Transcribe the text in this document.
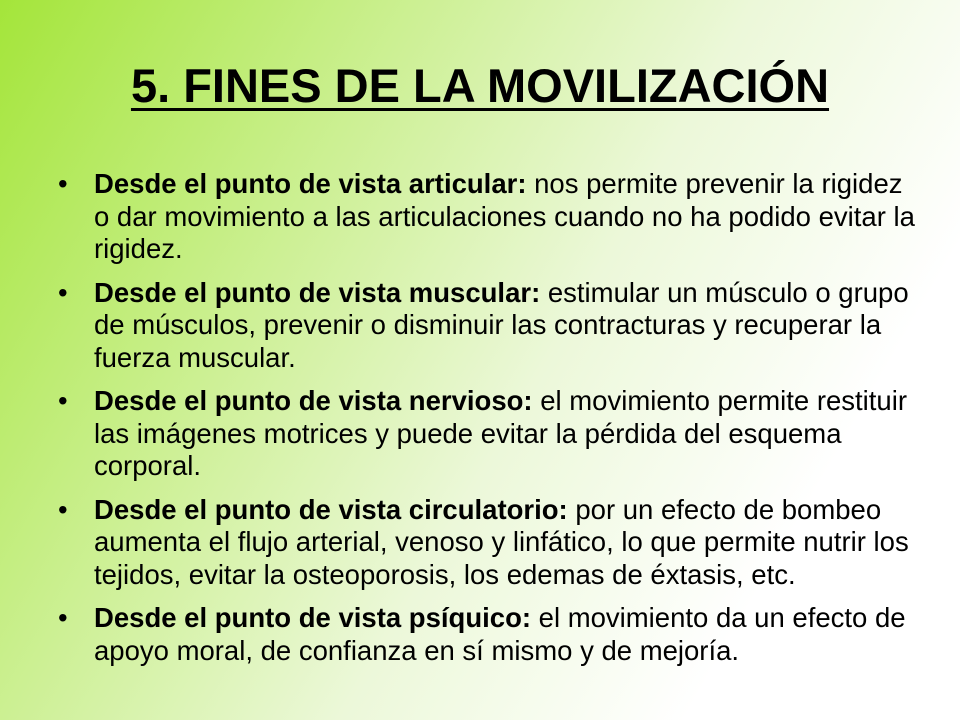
5. FINES DE LA MOVILIZACIÓN
• Desde el punto de vista articular: nos permite prevenir la rigidez o dar movimiento a las articulaciones cuando no ha podido evitar la rigidez.
• Desde el punto de vista muscular: estimular un músculo o grupo de músculos, prevenir o disminuir las contracturas y recuperar la fuerza muscular.
• Desde el punto de vista nervioso: el movimiento permite restituir las imágenes motrices y puede evitar la pérdida del esquema corporal.
• Desde el punto de vista circulatorio: por un efecto de bombeo aumenta el flujo arterial, venoso y linfático, lo que permite nutrir los tejidos, evitar la osteoporosis, los edemas de éxtasis, etc.
• Desde el punto de vista psíquico: el movimiento da un efecto de apoyo moral, de confianza en sí mismo y de mejoría.
